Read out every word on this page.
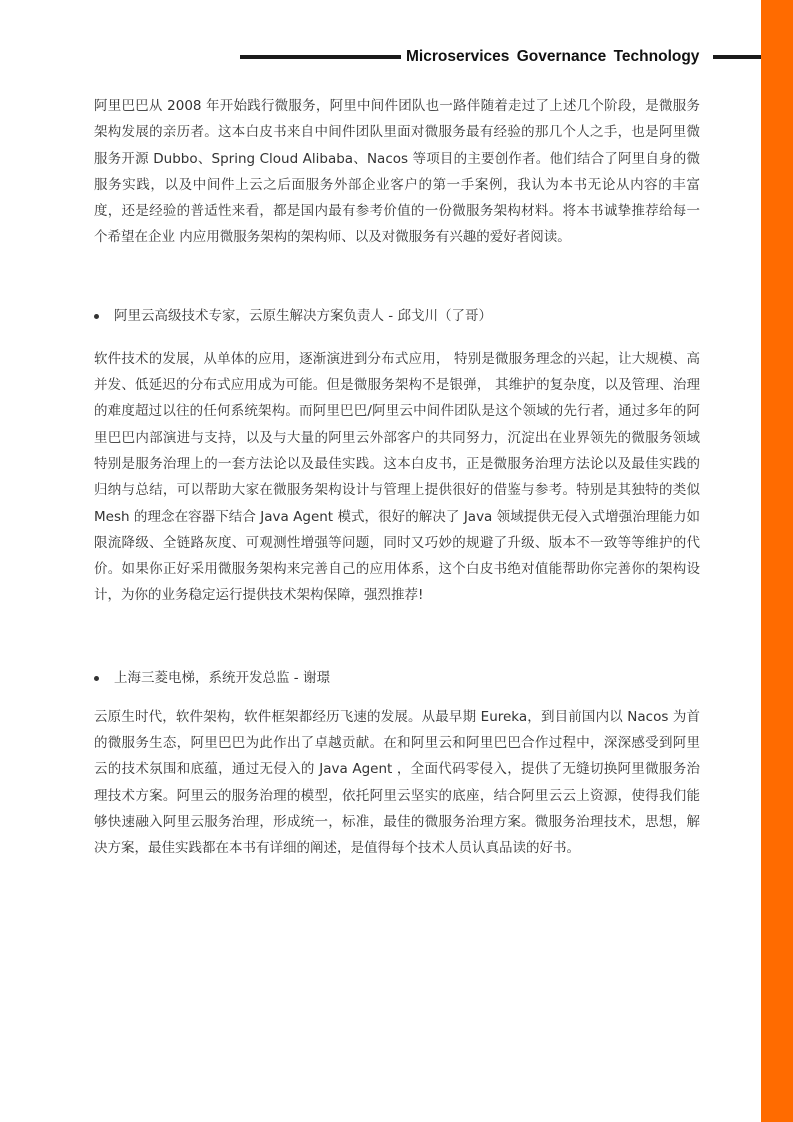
Microservices Governance Technology

阿里巴巴从 2008 年开始践行微服务，阿里中间件团队也一路伴随着走过了上述几个阶段，是微服务架构发展的亲历者。这本白皮书来自中间件团队里面对微服务最有经验的那几个人之手，也是阿里微服务开源 Dubbo、Spring Cloud Alibaba、Nacos 等项目的主要创作者。他们结合了阿里自身的微服务实践，以及中间件上云之后面服务外部企业客户的第一手案例，我认为本书无论从内容的丰富度，还是经验的普适性来看，都是国内最有参考价值的一份微服务架构材料。将本书诚挚推荐给每一个希望在企业 内应用微服务架构的架构师、以及对微服务有兴趣的爱好者阅读。

阿里云高级技术专家，云原生解决方案负责人 - 邱戈川（了哥）

软件技术的发展，从单体的应用，逐渐演进到分布式应用， 特别是微服务理念的兴起，让大规模、高并发、低延迟的分布式应用成为可能。但是微服务架构不是银弹， 其维护的复杂度，以及管理、治理的难度超过以往的任何系统架构。而阿里巴巴/阿里云中间件团队是这个领域的先行者，通过多年的阿里巴巴内部演进与支持，以及与大量的阿里云外部客户的共同努力，沉淀出在业界领先的微服务领域特别是服务治理上的一套方法论以及最佳实践。这本白皮书，正是微服务治理方法论以及最佳实践的归纳与总结，可以帮助大家在微服务架构设计与管理上提供很好的借鉴与参考。特别是其独特的类似 Mesh 的理念在容器下结合 Java Agent 模式，很好的解决了 Java 领域提供无侵入式增强治理能力如限流降级、全链路灰度、可观测性增强等问题，同时又巧妙的规避了升级、版本不一致等等维护的代价。如果你正好采用微服务架构来完善自己的应用体系，这个白皮书绝对值能帮助你完善你的架构设计，为你的业务稳定运行提供技术架构保障，强烈推荐!

上海三菱电梯，系统开发总监 - 谢璟

云原生时代，软件架构，软件框架都经历飞速的发展。从最早期 Eureka，到目前国内以 Nacos 为首的微服务生态，阿里巴巴为此作出了卓越贡献。在和阿里云和阿里巴巴合作过程中，深深感受到阿里云的技术氛围和底蕴，通过无侵入的 Java Agent ，全面代码零侵入，提供了无缝切换阿里微服务治理技术方案。阿里云的服务治理的模型，依托阿里云坚实的底座，结合阿里云云上资源，使得我们能够快速融入阿里云服务治理，形成统一，标准，最佳的微服务治理方案。微服务治理技术，思想，解决方案，最佳实践都在本书有详细的阐述，是值得每个技术人员认真品读的好书。
